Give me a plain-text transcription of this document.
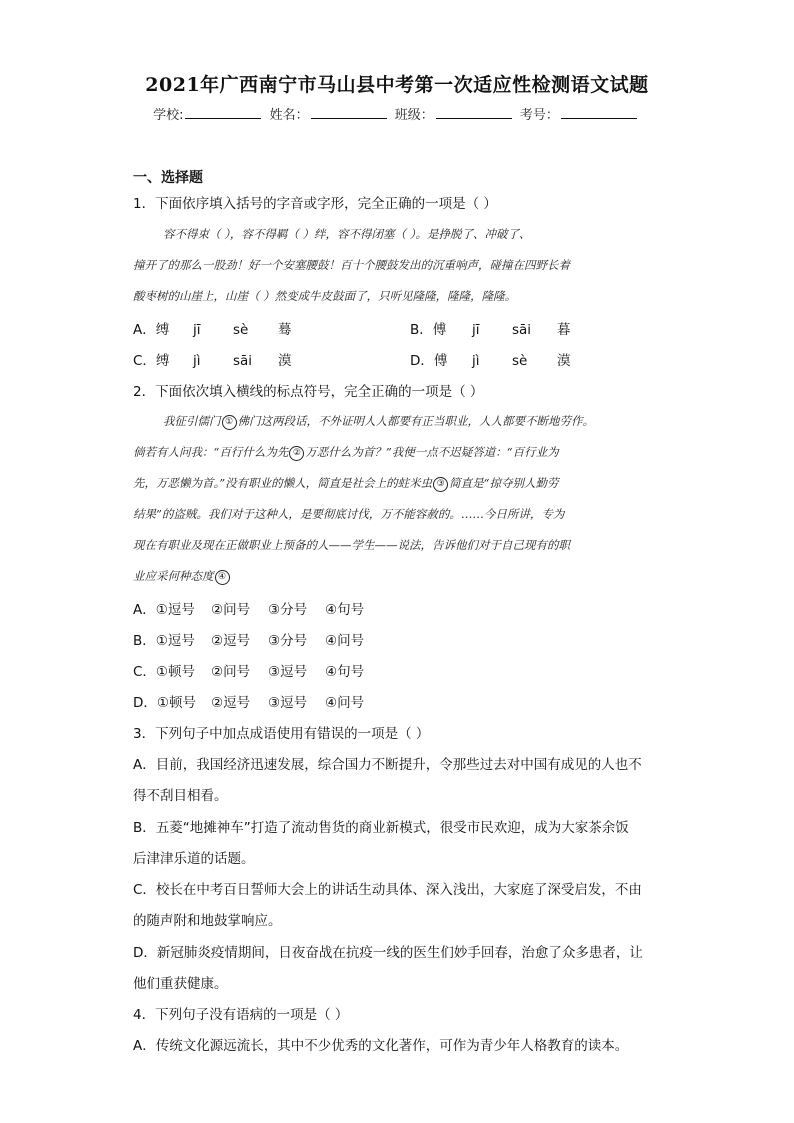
2021年广西南宁市马山县中考第一次适应性检测语文试题
学校:	姓名：	班级：	考号：
一、选择题
1．下面依序填入括号的字音或字形，完全正确的一项是（ ）
容不得束（ ），容不得羁（ ）绊，容不得闭塞（ ）。是挣脱了、冲破了、
撞开了的那么一股劲！好一个安塞腰鼓！百十个腰鼓发出的沉重响声，碰撞在四野长着
酸枣树的山崖上，山崖（ ）然变成牛皮鼓面了，只听见隆隆，隆隆，隆隆。
A．缚 jī sè 蓦	B．傅 jī sāi 暮
C．缚 jì sāi 漠	D．傅 jì sè 漠
2．下面依次填入横线的标点符号，完全正确的一项是（ ）
我征引儒门 ① 佛门这两段话，不外证明人人都要有正当职业，人人都要不断地劳作。
倘若有人问我：“百行什么为先 ② 万恶什么为首？”我便一点不迟疑答道：“百行业为
先，万恶懒为首。”没有职业的懒人，简直是社会上的蛀米虫 ③ 简直是“掠夺别人勤劳
结果”的盗贼。我们对于这种人，是要彻底讨伐，万不能容赦的。……今日所讲，专为
现在有职业及现在正做职业上预备的人——学生——说法，告诉他们对于自己现有的职
业应采何种态度 ④
A．①逗号 ②问号 ③分号 ④句号
B．①逗号 ②逗号 ③分号 ④问号
C．①顿号 ②问号 ③逗号 ④句号
D．①顿号 ②逗号 ③逗号 ④问号
3．下列句子中加点成语使用有错误的一项是（ ）
A．目前，我国经济迅速发展，综合国力不断提升，令那些过去对中国有成见的人也不
得不刮目相看。
B．五菱“地摊神车”打造了流动售货的商业新模式，很受市民欢迎，成为大家茶余饭
后津津乐道的话题。
C．校长在中考百日誓师大会上的讲话生动具体、深入浅出，大家庭了深受启发，不由
的随声附和地鼓掌响应。
D．新冠肺炎疫情期间，日夜奋战在抗疫一线的医生们妙手回春，治愈了众多患者，让
他们重获健康。
4．下列句子没有语病的一项是（ ）
A．传统文化源远流长，其中不少优秀的文化著作，可作为青少年人格教育的读本。
